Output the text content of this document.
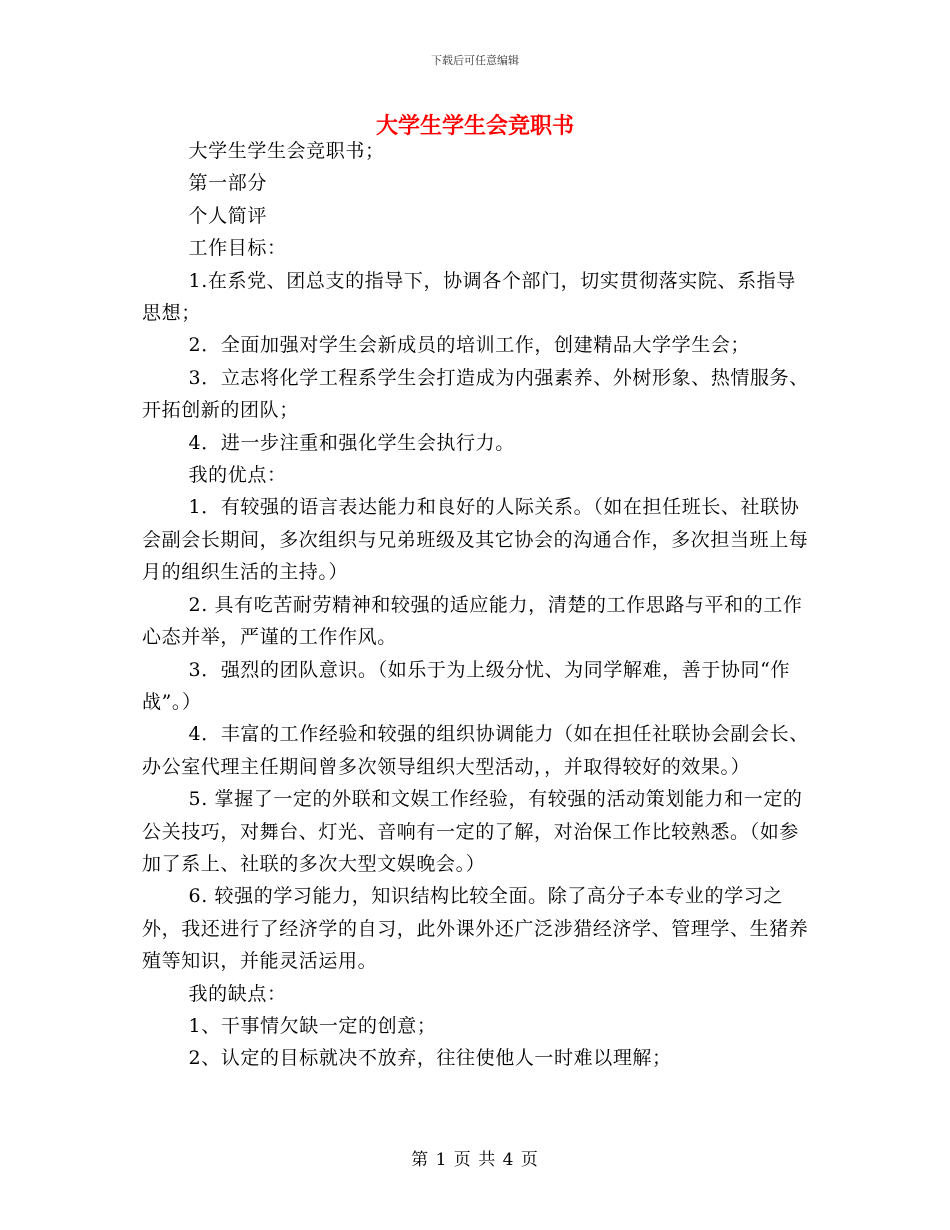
下载后可任意编辑
大学生学生会竞职书

大学生学生会竞职书；

第一部分

个人简评

工作目标：

1.在系党、团总支的指导下，协调各个部门，切实贯彻落实院、系指导思想；

2．全面加强对学生会新成员的培训工作，创建精品大学学生会；

3．立志将化学工程系学生会打造成为内强素养、外树形象、热情服务、开拓创新的团队；

4．进一步注重和强化学生会执行力。

我的优点：

1．有较强的语言表达能力和良好的人际关系。（如在担任班长、社联协会副会长期间，多次组织与兄弟班级及其它协会的沟通合作，多次担当班上每月的组织生活的主持。）

2. 具有吃苦耐劳精神和较强的适应能力，清楚的工作思路与平和的工作心态并举，严谨的工作作风。

3．强烈的团队意识。（如乐于为上级分忧、为同学解难，善于协同“作战”。）

4．丰富的工作经验和较强的组织协调能力（如在担任社联协会副会长、办公室代理主任期间曾多次领导组织大型活动，，并取得较好的效果。）

5. 掌握了一定的外联和文娱工作经验，有较强的活动策划能力和一定的公关技巧，对舞台、灯光、音响有一定的了解，对治保工作比较熟悉。（如参加了系上、社联的多次大型文娱晚会。）

6. 较强的学习能力，知识结构比较全面。除了高分子本专业的学习之外，我还进行了经济学的自习，此外课外还广泛涉猎经济学、管理学、生猪养殖等知识，并能灵活运用。

我的缺点：

1、干事情欠缺一定的创意；

2、认定的目标就决不放弃，往往使他人一时难以理解；

第 1 页 共 4 页
